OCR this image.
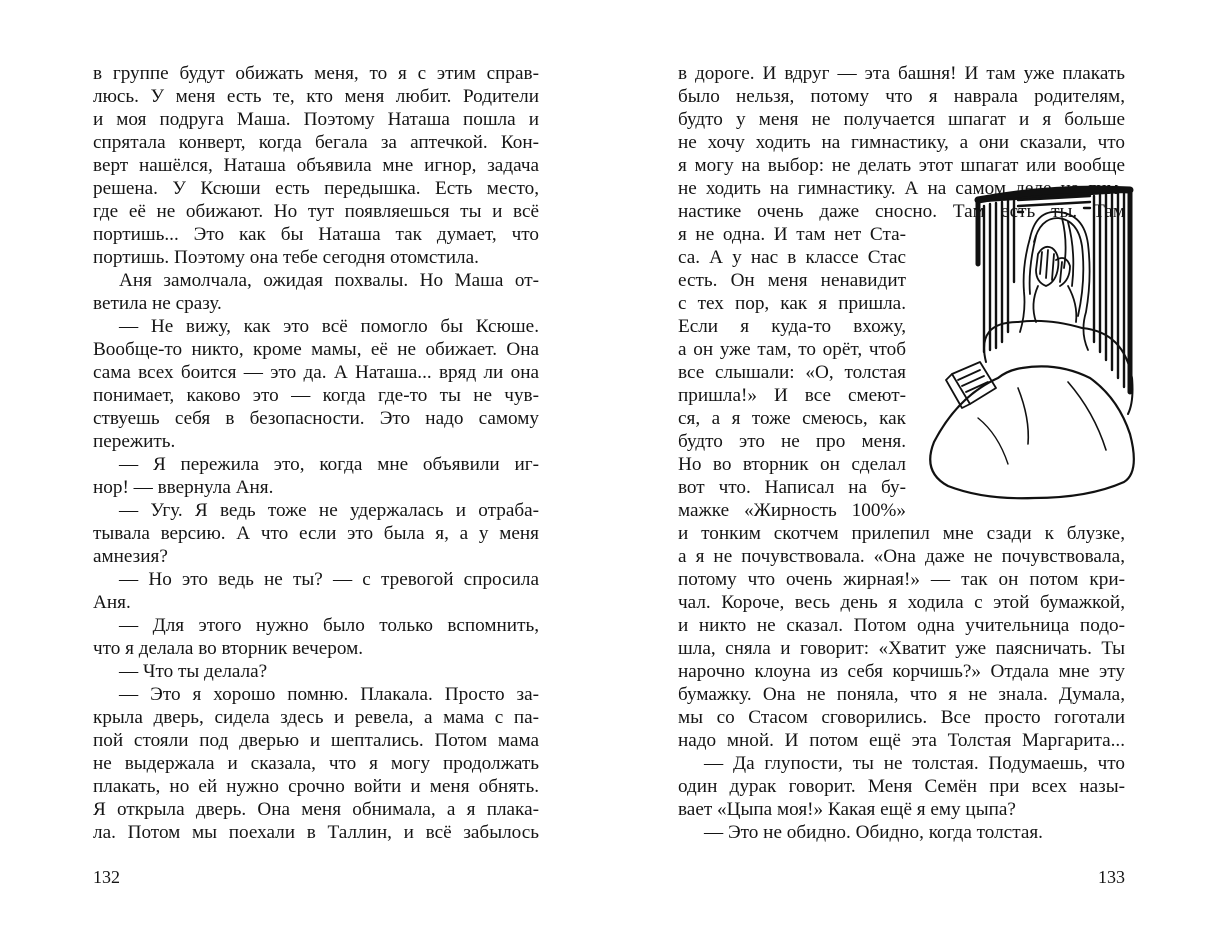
в группе будут обижать меня, то я с этим справ-
люсь. У меня есть те, кто меня любит. Родители
и моя подруга Маша. Поэтому Наташа пошла и
спрятала конверт, когда бегала за аптечкой. Кон-
верт нашёлся, Наташа объявила мне игнор, задача
решена. У Ксюши есть передышка. Есть место,
где её не обижают. Но тут появляешься ты и всё
портишь... Это как бы Наташа так думает, что
портишь. Поэтому она тебе сегодня отомстила.
Аня замолчала, ожидая похвалы. Но Маша от-
ветила не сразу.
— Не вижу, как это всё помогло бы Ксюше.
Вообще-то никто, кроме мамы, её не обижает. Она
сама всех боится — это да. А Наташа... вряд ли она
понимает, каково это — когда где-то ты не чув-
ствуешь себя в безопасности. Это надо самому
пережить.
— Я пережила это, когда мне объявили иг-
нор! — ввернула Аня.
— Угу. Я ведь тоже не удержалась и отраба-
тывала версию. А что если это была я, а у меня
амнезия?
— Но это ведь не ты? — с тревогой спросила
Аня.
— Для этого нужно было только вспомнить,
что я делала во вторник вечером.
— Что ты делала?
— Это я хорошо помню. Плакала. Просто за-
крыла дверь, сидела здесь и ревела, а мама с па-
пой стояли под дверью и шептались. Потом мама
не выдержала и сказала, что я могу продолжать
плакать, но ей нужно срочно войти и меня обнять.
Я открыла дверь. Она меня обнимала, а я плака-
ла. Потом мы поехали в Таллин, и всё забылось
132
в дороге. И вдруг — эта башня! И там уже плакать
было нельзя, потому что я наврала родителям,
будто у меня не получается шпагат и я больше
не хочу ходить на гимнастику, а они сказали, что
я могу на выбор: не делать этот шпагат или вообще
не ходить на гимнастику. А на самом деле на гим-
настике очень даже сносно. Там есть ты. Там
я не одна. И там нет Ста-
са. А у нас в классе Стас
есть. Он меня ненавидит
с тех пор, как я пришла.
Если я куда-то вхожу,
а он уже там, то орёт, чтоб
все слышали: «О, толстая
пришла!» И все смеют-
ся, а я тоже смеюсь, как
будто это не про меня.
Но во вторник он сделал
вот что. Написал на бу-
мажке «Жирность 100%»
и тонким скотчем прилепил мне сзади к блузке,
а я не почувствовала. «Она даже не почувствовала,
потому что очень жирная!» — так он потом кри-
чал. Короче, весь день я ходила с этой бумажкой,
и никто не сказал. Потом одна учительница подо-
шла, сняла и говорит: «Хватит уже паясничать. Ты
нарочно клоуна из себя корчишь?» Отдала мне эту
бумажку. Она не поняла, что я не знала. Думала,
мы со Стасом сговорились. Все просто гоготали
надо мной. И потом ещё эта Толстая Маргарита...
— Да глупости, ты не толстая. Подумаешь, что
один дурак говорит. Меня Семён при всех назы-
вает «Цыпа моя!» Какая ещё я ему цыпа?
— Это не обидно. Обидно, когда толстая.
133
